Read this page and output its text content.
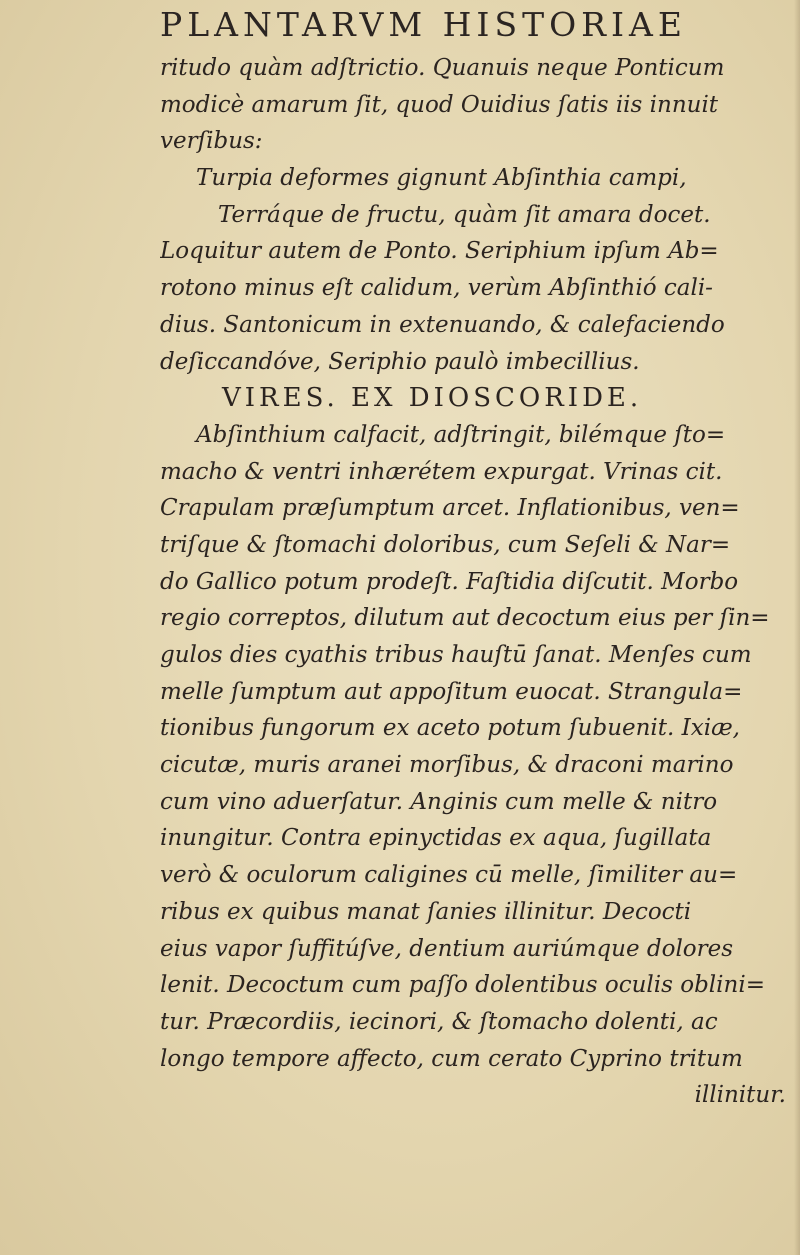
PLANTARVM HISTORIAE
ritudo quàm adſtrictio. Quanuis neque Ponticum
modicè amarum ſit, quod Ouidius ſatis iis innuit
verſibus:
Turpia deformes gignunt Abſinthia campi,
Terráque de fructu, quàm ſit amara docet.
Loquitur autem de Ponto. Seriphium ipſum Ab=
rotono minus eſt calidum, verùm Abſinthió cali-
dius. Santonicum in extenuando, & calefaciendo
deſiccandóve, Seriphio paulò imbecillius.
VIRES. EX DIOSCORIDE.
Abſinthium calfacit, adſtringit, bilémque ſto=
macho & ventri inhærétem expurgat. Vrinas cit.
Crapulam præſumptum arcet. Inflationibus, ven=
triſque & ſtomachi doloribus, cum Seſeli & Nar=
do Gallico potum prodeſt. Faſtidia diſcutit. Morbo
regio correptos, dilutum aut decoctum eius per ſin=
gulos dies cyathis tribus hauſtū ſanat. Menſes cum
melle ſumptum aut appoſitum euocat. Strangula=
tionibus fungorum ex aceto potum ſubuenit. Ixiæ,
cicutæ, muris aranei morſibus, & draconi marino
cum vino aduerſatur. Anginis cum melle & nitro
inungitur. Contra epinyctidas ex aqua, ſugillata
verò & oculorum caligines cū melle, ſimiliter au=
ribus ex quibus manat ſanies illinitur. Decocti
eius vapor ſuffitúſve, dentium auriúmque dolores
lenit. Decoctum cum paſſo dolentibus oculis oblini=
tur. Præcordiis, iecinori, & ſtomacho dolenti, ac
longo tempore affecto, cum cerato Cyprino tritum
illinitur.
